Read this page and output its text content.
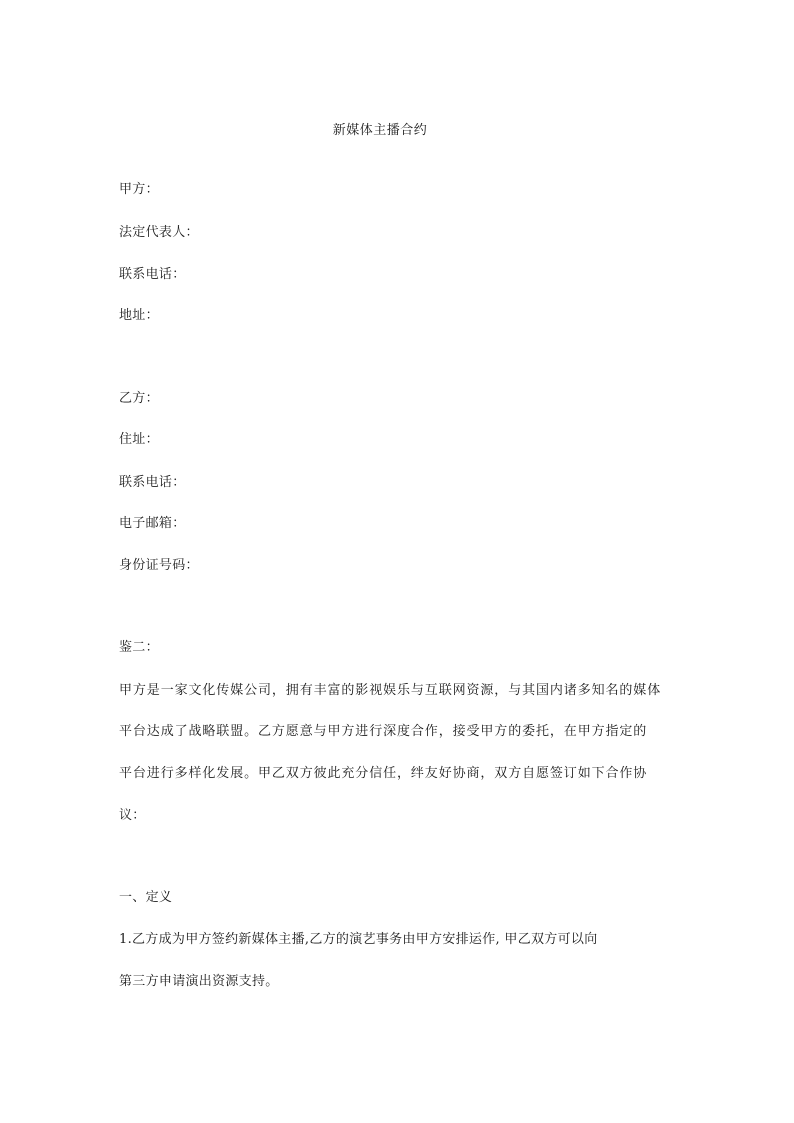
新媒体主播合约
甲方：
法定代表人：
联系电话：
地址：
乙方：
住址：
联系电话：
电子邮箱：
身份证号码：
鉴二：
甲方是一家文化传媒公司，拥有丰富的影视娱乐与互联网资源，与其国内诸多知名的媒体
平台达成了战略联盟。乙方愿意与甲方进行深度合作，接受甲方的委托，在甲方指定的
平台进行多样化发展。甲乙双方彼此充分信任，绊友好协商，双方自愿签订如下合作协
议：
一、定义
1.乙方成为甲方签约新媒体主播,乙方的演艺事务由甲方安排运作, 甲乙双方可以向
第三方申请演出资源支持。
